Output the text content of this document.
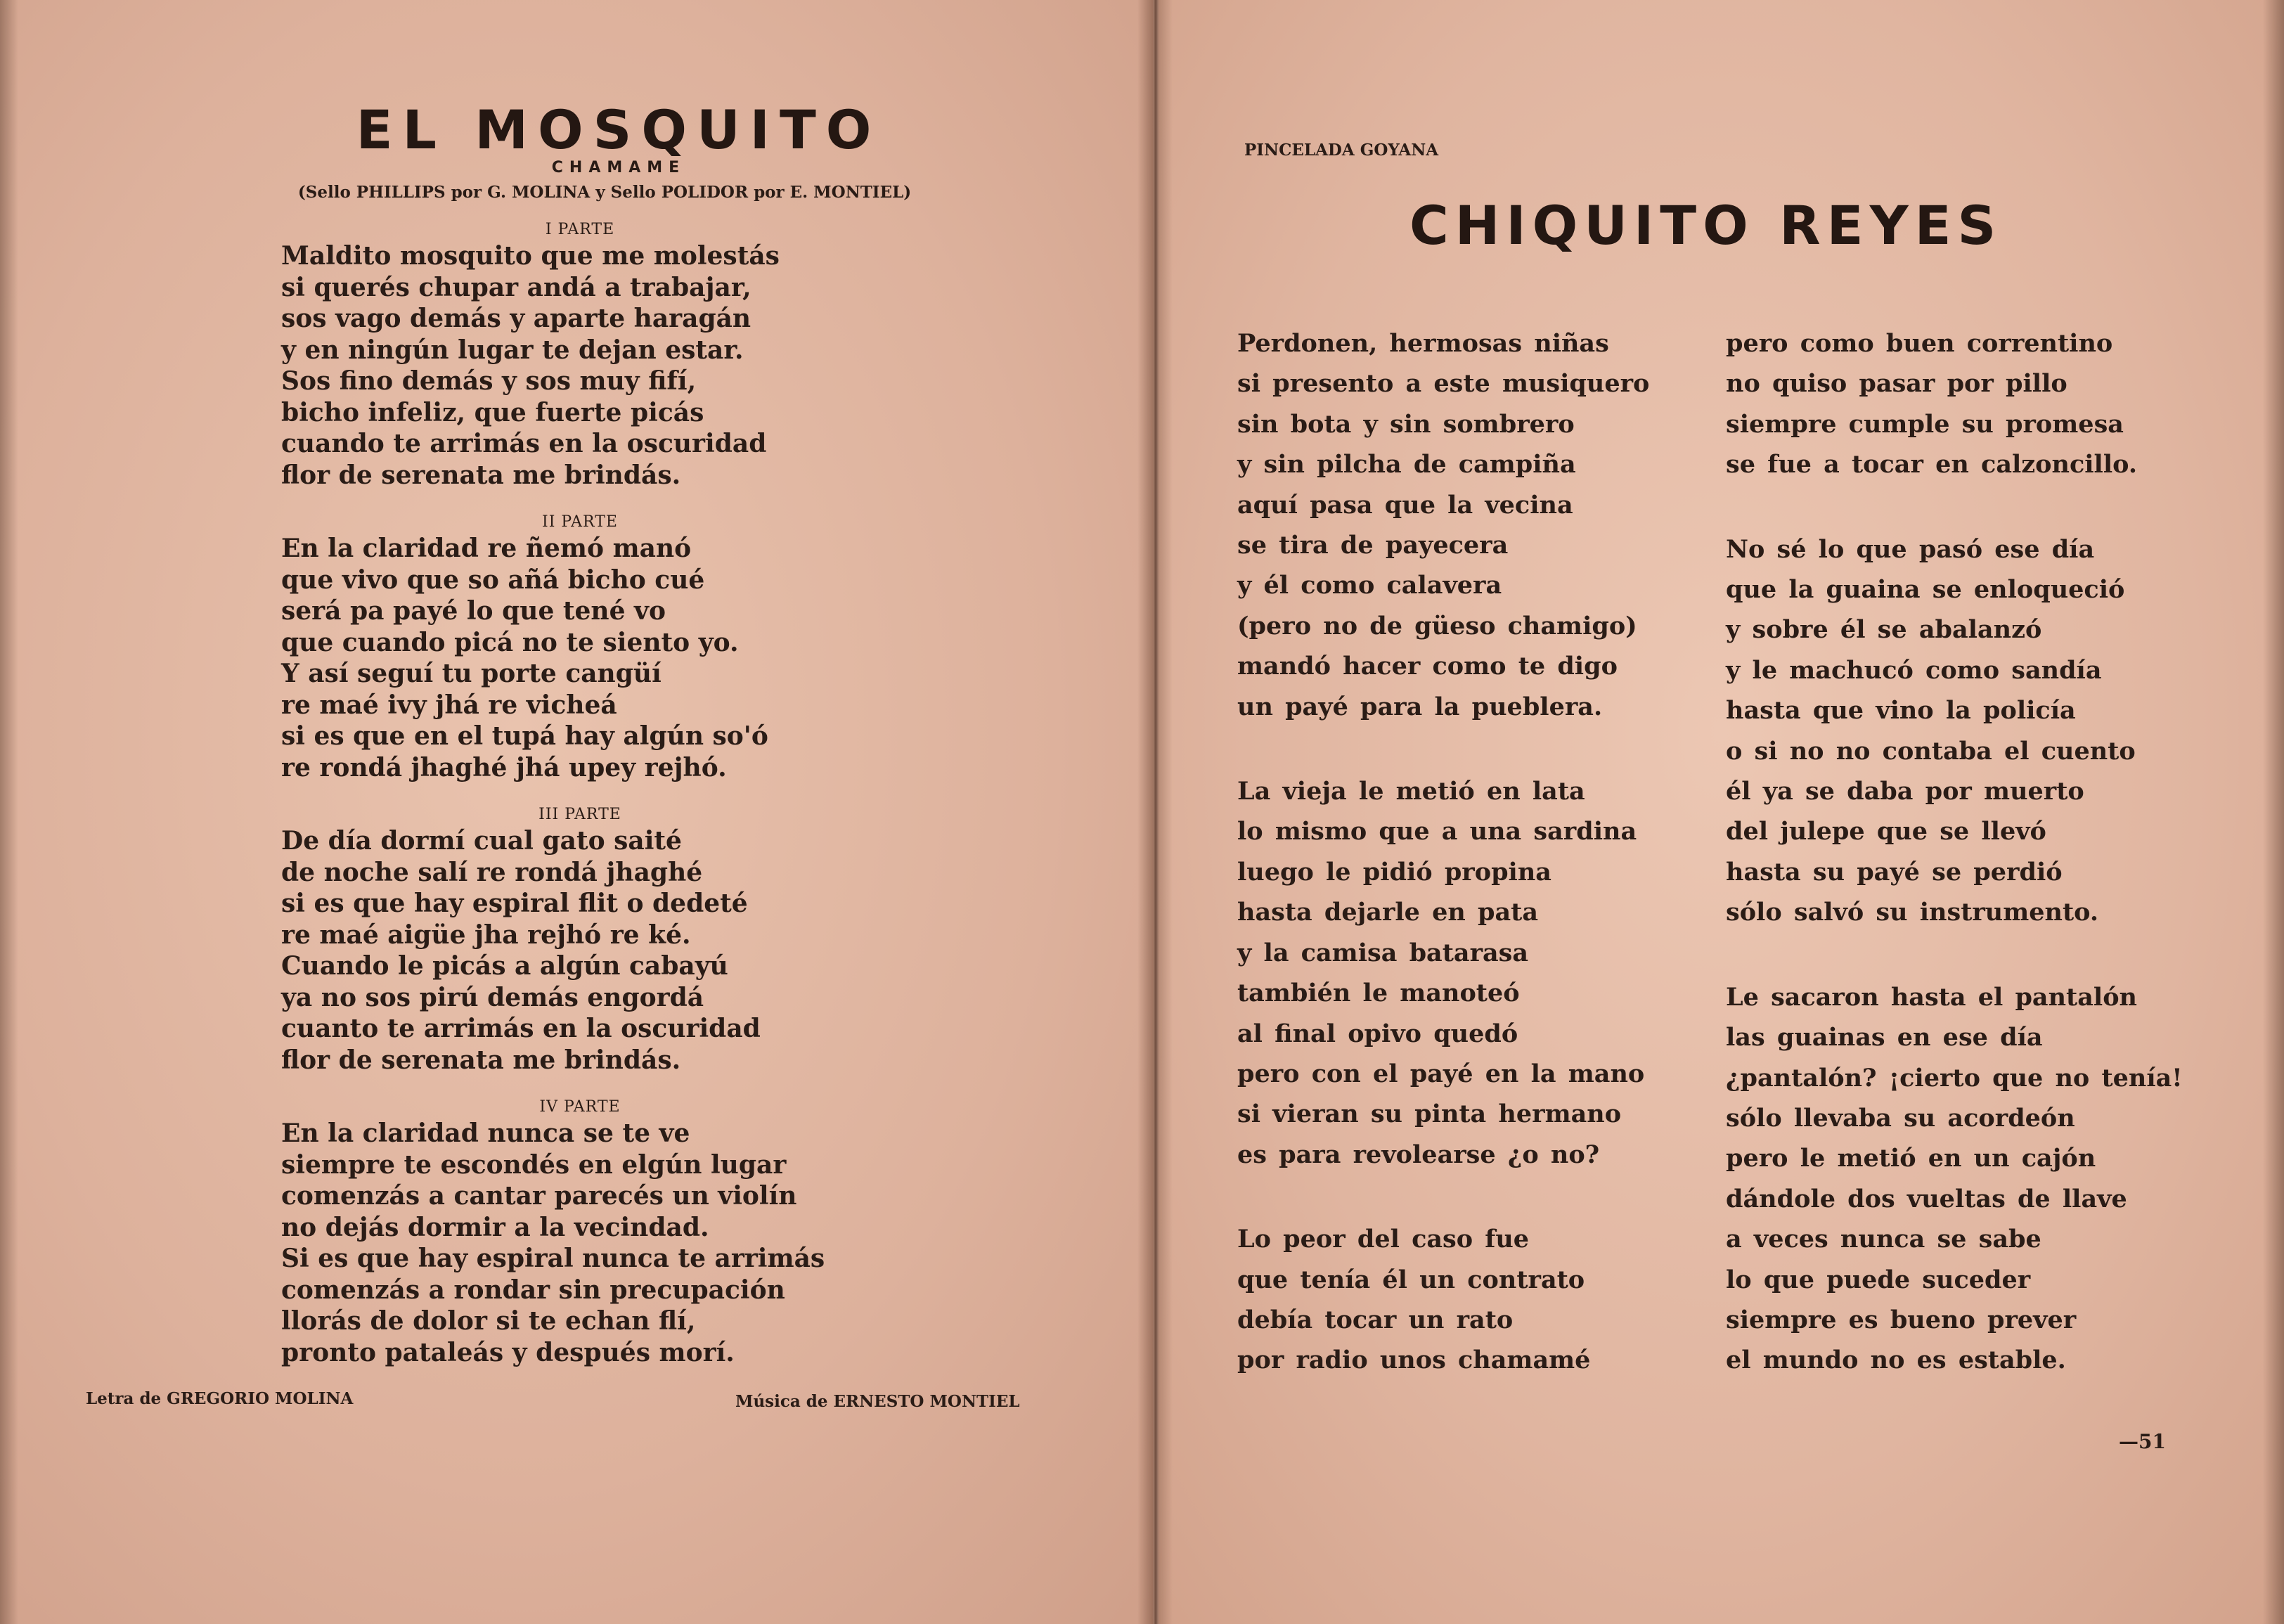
EL MOSQUITO
CHAMAME
(Sello PHILLIPS por G. MOLINA y Sello POLIDOR por E. MONTIEL)
I PARTE
Maldito mosquito que me molestás
si querés chupar andá a trabajar,
sos vago demás y aparte haragán
y en ningún lugar te dejan estar.
Sos fino demás y sos muy fifí,
bicho infeliz, que fuerte picás
cuando te arrimás en la oscuridad
flor de serenata me brindás.
II PARTE
En la claridad re ñemó manó
que vivo que so añá bicho cué
será pa payé lo que tené vo
que cuando picá no te siento yo.
Y así seguí tu porte cangüí
re maé ivy jhá re vicheá
si es que en el tupá hay algún so'ó
re rondá jhaghé jhá upey rejhó.
III PARTE
De día dormí cual gato saité
de noche salí re rondá jhaghé
si es que hay espiral flit o dedeté
re maé aigüe jha rejhó re ké.
Cuando le picás a algún cabayú
ya no sos pirú demás engordá
cuanto te arrimás en la oscuridad
flor de serenata me brindás.
IV PARTE
En la claridad nunca se te ve
siempre te escondés en elgún lugar
comenzás a cantar parecés un violín
no dejás dormir a la vecindad.
Si es que hay espiral nunca te arrimás
comenzás a rondar sin precupación
llorás de dolor si te echan flí,
pronto pataleás y después morí.
Letra de GREGORIO MOLINA	Música de ERNESTO MONTIEL
PINCELADA GOYANA
CHIQUITO REYES
Perdonen, hermosas niñas
si presento a este musiquero
sin bota y sin sombrero
y sin pilcha de campiña
aquí pasa que la vecina
se tira de payecera
y él como calavera
(pero no de güeso chamigo)
mandó hacer como te digo
un payé para la pueblera.
La vieja le metió en lata
lo mismo que a una sardina
luego le pidió propina
hasta dejarle en pata
y la camisa batarasa
también le manoteó
al final opivo quedó
pero con el payé en la mano
si vieran su pinta hermano
es para revolearse ¿o no?
Lo peor del caso fue
que tenía él un contrato
debía tocar un rato
por radio unos chamamé
pero como buen correntino
no quiso pasar por pillo
siempre cumple su promesa
se fue a tocar en calzoncillo.
No sé lo que pasó ese día
que la guaina se enloqueció
y sobre él se abalanzó
y le machucó como sandía
hasta que vino la policía
o si no no contaba el cuento
él ya se daba por muerto
del julepe que se llevó
hasta su payé se perdió
sólo salvó su instrumento.
Le sacaron hasta el pantalón
las guainas en ese día
¿pantalón? ¡cierto que no tenía!
sólo llevaba su acordeón
pero le metió en un cajón
dándole dos vueltas de llave
a veces nunca se sabe
lo que puede suceder
siempre es bueno prever
el mundo no es estable.
—51
